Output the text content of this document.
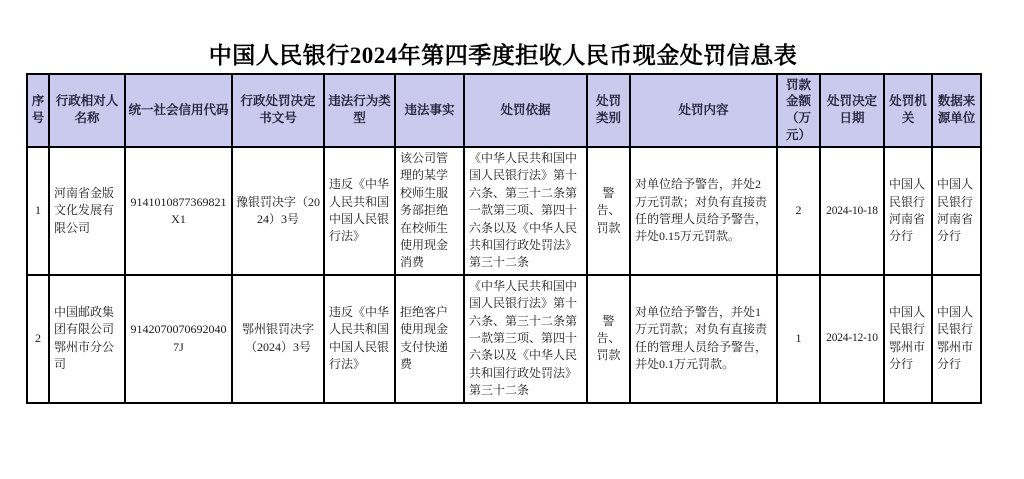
中国人民银行2024年第四季度拒收人民币现金处罚信息表
序号	行政相对人名称	统一社会信用代码	行政处罚决定书文号	违法行为类型	违法事实	处罚依据	处罚类别	处罚内容	罚款金额（万元）	处罚决定日期	处罚机关	数据来源单位
1	河南省金版文化发展有限公司	9141010877369821X1	豫银罚决字（2024）3号	违反《中华人民共和国中国人民银行法》	该公司管理的某学校师生服务部拒绝在校师生使用现金消费	《中华人民共和国中国人民银行法》第十六条、第三十二条第一款第三项、第四十六条以及《中华人民共和国行政处罚法》第三十二条	警告、罚款	对单位给予警告，并处2万元罚款；对负有直接责任的管理人员给予警告，并处0.15万元罚款。	2	2024-10-18	中国人民银行河南省分行	中国人民银行河南省分行
2	中国邮政集团有限公司鄂州市分公司	91420700706920407J	鄂州银罚决字（2024）3号	违反《中华人民共和国中国人民银行法》	拒绝客户使用现金支付快递费	《中华人民共和国中国人民银行法》第十六条、第三十二条第一款第三项、第四十六条以及《中华人民共和国行政处罚法》第三十二条	警告、罚款	对单位给予警告，并处1万元罚款；对负有直接责任的管理人员给予警告，并处0.1万元罚款。	1	2024-12-10	中国人民银行鄂州市分行	中国人民银行鄂州市分行
